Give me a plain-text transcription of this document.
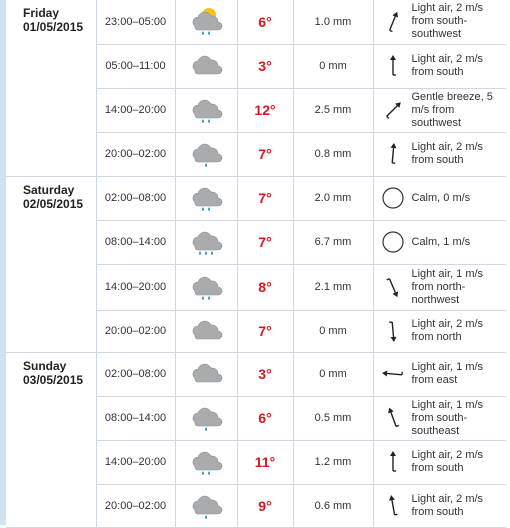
Friday
01/05/2015	23:00–05:00		6°	1.0 mm	Light air, 2 m/s from south-southwest

	05:00–11:00		3°	0 mm	Light air, 2 m/s from south

	14:00–20:00		12°	2.5 mm	Gentle breeze, 5 m/s from southwest

	20:00–02:00		7°	0.8 mm	Light air, 2 m/s from south

Saturday
02/05/2015	02:00–08:00		7°	2.0 mm	Calm, 0 m/s

	08:00–14:00		7°	6.7 mm	Calm, 1 m/s

	14:00–20:00		8°	2.1 mm	Light air, 1 m/s from north-northwest

	20:00–02:00		7°	0 mm	Light air, 2 m/s from north

Sunday
03/05/2015	02:00–08:00		3°	0 mm	Light air, 1 m/s from east

	08:00–14:00		6°	0.5 mm	Light air, 1 m/s from south-southeast

	14:00–20:00		11°	1.2 mm	Light air, 2 m/s from south

	20:00–02:00		9°	0.6 mm	Light air, 2 m/s from south
